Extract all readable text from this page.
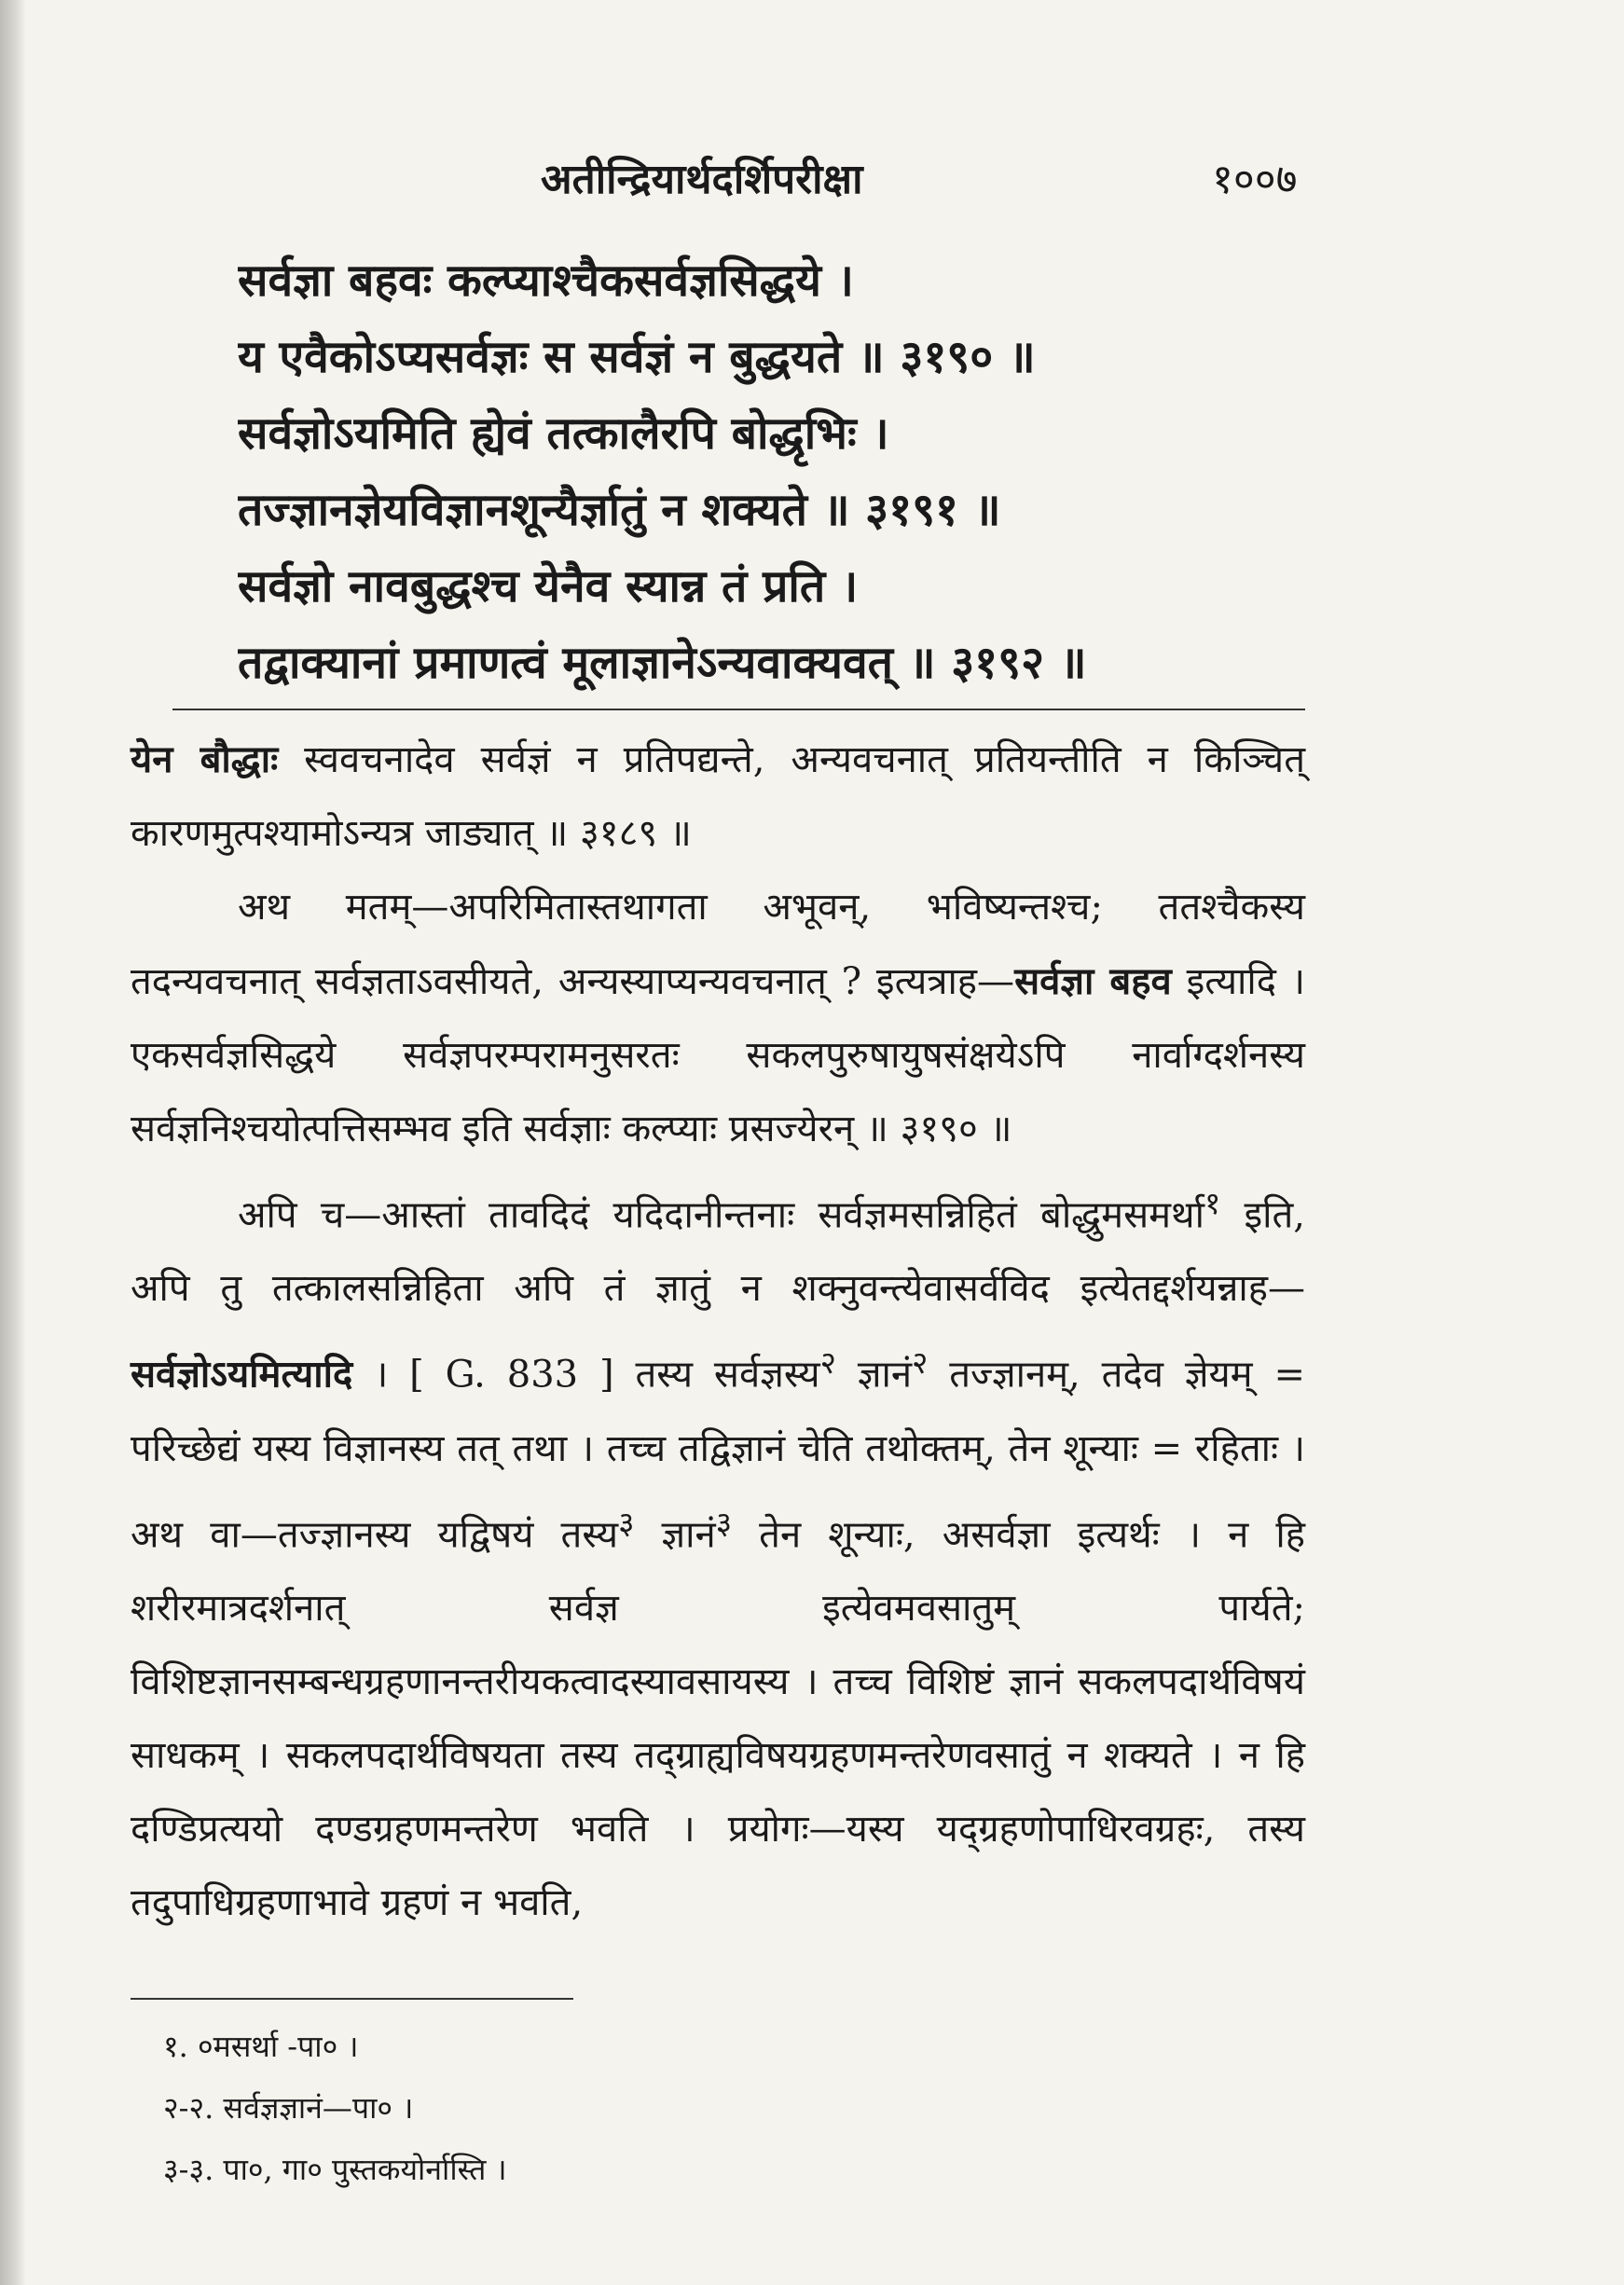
अतीन्द्रियार्थदर्शिपरीक्षा	१००७
सर्वज्ञा बहवः कल्प्याश्चैकसर्वज्ञसिद्धये ।
य एवैकोऽप्यसर्वज्ञः स सर्वज्ञं न बुद्धयते ॥ ३१९० ॥
सर्वज्ञोऽयमिति ह्येवं तत्कालैरपि बोद्धृभिः ।
तज्ज्ञानज्ञेयविज्ञानशून्यैर्ज्ञातुं न शक्यते ॥ ३१९१ ॥
सर्वज्ञो नावबुद्धश्च येनैव स्यान्न तं प्रति ।
तद्वाक्यानां प्रमाणत्वं मूलाज्ञानेऽन्यवाक्यवत् ॥ ३१९२ ॥

येन बौद्धाः स्ववचनादेव सर्वज्ञं न प्रतिपद्यन्ते, अन्यवचनात् प्रतियन्तीति न किञ्चित् कारणमुत्पश्यामोऽन्यत्र जाड्यात् ॥ ३१८९ ॥

अथ मतम्—अपरिमितास्तथागता अभूवन्, भविष्यन्तश्च; ततश्चैकस्य तदन्यवचनात् सर्वज्ञताऽवसीयते, अन्यस्याप्यन्यवचनात् ? इत्यत्राह—सर्वज्ञा बहव इत्यादि । एकसर्वज्ञसिद्धये सर्वज्ञपरम्परामनुसरतः सकलपुरुषायुषसंक्षयेऽपि नार्वाग्दर्शनस्य सर्वज्ञनिश्चयोत्पत्तिसम्भव इति सर्वज्ञाः कल्प्याः प्रसज्येरन् ॥ ३१९० ॥

अपि च—आस्तां तावदिदं यदिदानीन्तनाः सर्वज्ञमसन्निहितं बोद्धुमसमर्था$^१$ इति, अपि तु तत्कालसन्निहिता अपि तं ज्ञातुं न शक्नुवन्त्येवासर्वविद इत्येतद्दर्शयन्नाह—सर्वज्ञोऽयमित्यादि । [ G. 833 ] तस्य सर्वज्ञस्य$^२$ ज्ञानं$^२$ तज्ज्ञानम्, तदेव ज्ञेयम् = परिच्छेद्यं यस्य विज्ञानस्य तत् तथा । तच्च तद्विज्ञानं चेति तथोक्तम्, तेन शून्याः = रहिताः । अथ वा—तज्ज्ञानस्य यद्विषयं तस्य$^३$ ज्ञानं$^३$ तेन शून्याः, असर्वज्ञा इत्यर्थः । न हि शरीरमात्रदर्शनात् सर्वज्ञ इत्येवमवसातुम् पार्यते; विशिष्टज्ञानसम्बन्धग्रहणानन्तरीयकत्वादस्यावसायस्य । तच्च विशिष्टं ज्ञानं सकलपदार्थविषयं साधकम् । सकलपदार्थविषयता तस्य तद्ग्राह्यविषयग्रहणमन्तरेणवसातुं न शक्यते । न हि दण्डिप्रत्ययो दण्डग्रहणमन्तरेण भवति । प्रयोगः—यस्य यद्ग्रहणोपाधिरवग्रहः, तस्य तदुपाधिग्रहणाभावे ग्रहणं न भवति,

१. ०मसर्था -पा० ।

२-२. सर्वज्ञज्ञानं—पा० ।

३-३. पा०, गा० पुस्तकयोर्नास्ति ।
